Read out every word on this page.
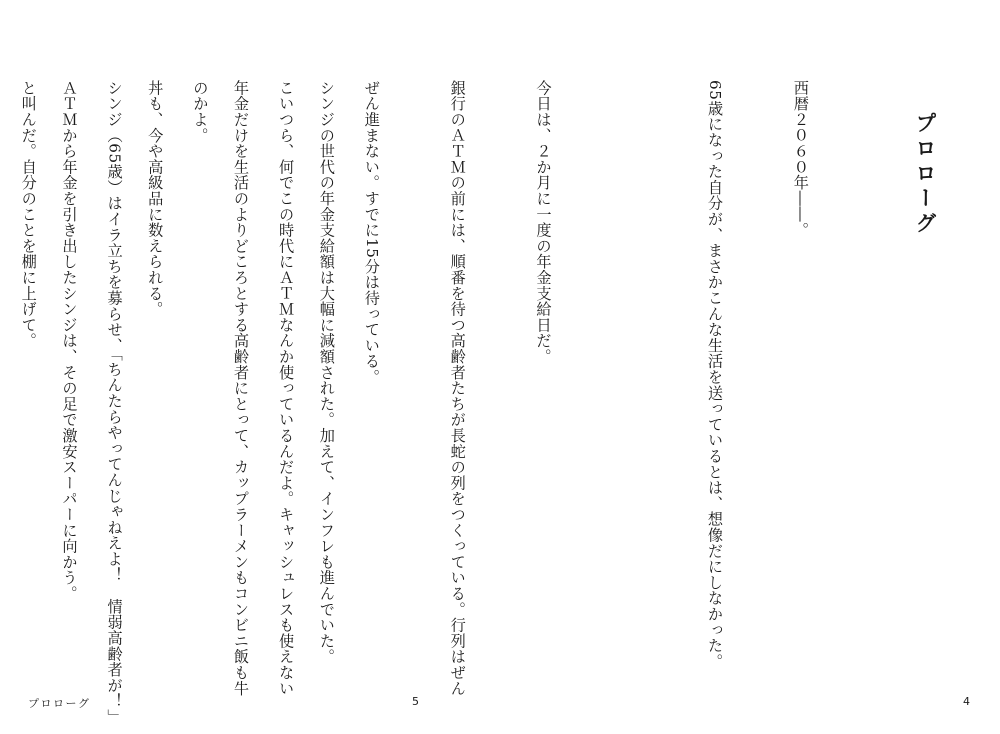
シンジの世代の年金支給額は大幅に減額された。加えて、インフレも進んでいた。

年金だけを生活のよりどころとする高齢者にとって、カップラーメンもコンビニ飯も牛

丼も、今や高級品に数えられる。

ＡＴＭから年金を引き出したシンジは、その足で激安スーパーに向かう。

プロローグ	5
プロローグ

西暦２０６０年――。

65歳になった自分が、まさかこんな生活を送っているとは、想像だにしなかった。

今日は、２か月に一度の年金支給日だ。

銀行のＡＴＭの前には、順番を待つ高齢者たちが長蛇の列をつくっている。行列はぜん

ぜん進まない。すでに15分は待っている。

こいつら、何でこの時代にＡＴＭなんか使っているんだよ。キャッシュレスも使えない

のかよ。

シンジ（65歳）はイラ立ちを募らせ、「ちんたらやってんじゃねえよ！　情弱高齢者が！」

と叫んだ。自分のことを棚に上げて。

4
